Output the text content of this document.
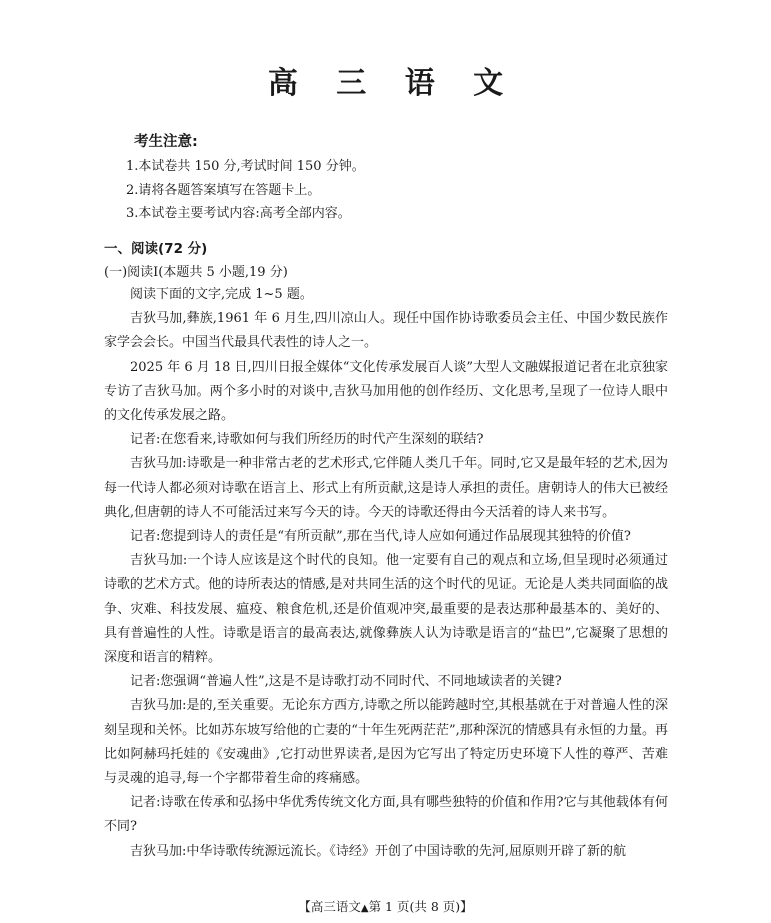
高 三 语 文
考生注意:
1.本试卷共 150 分,考试时间 150 分钟。
2.请将各题答案填写在答题卡上。
3.本试卷主要考试内容:高考全部内容。
一、阅读(72 分)
(一)阅读Ⅰ(本题共 5 小题,19 分)

阅读下面的文字,完成 1~5 题。

吉狄马加,彝族,1961 年 6 月生,四川凉山人。现任中国作协诗歌委员会主任、中国少数民族作家学会会长。中国当代最具代表性的诗人之一。

2025 年 6 月 18 日,四川日报全媒体“文化传承发展百人谈”大型人文融媒报道记者在北京独家专访了吉狄马加。两个多小时的对谈中,吉狄马加用他的创作经历、文化思考,呈现了一位诗人眼中的文化传承发展之路。

记者:在您看来,诗歌如何与我们所经历的时代产生深刻的联结?

吉狄马加:诗歌是一种非常古老的艺术形式,它伴随人类几千年。同时,它又是最年轻的艺术,因为每一代诗人都必须对诗歌在语言上、形式上有所贡献,这是诗人承担的责任。唐朝诗人的伟大已被经典化,但唐朝的诗人不可能活过来写今天的诗。今天的诗歌还得由今天活着的诗人来书写。

记者:您提到诗人的责任是“有所贡献”,那在当代,诗人应如何通过作品展现其独特的价值?

吉狄马加:一个诗人应该是这个时代的良知。他一定要有自己的观点和立场,但呈现时必须通过诗歌的艺术方式。他的诗所表达的情感,是对共同生活的这个时代的见证。无论是人类共同面临的战争、灾难、科技发展、瘟疫、粮食危机,还是价值观冲突,最重要的是表达那种最基本的、美好的、具有普遍性的人性。诗歌是语言的最高表达,就像彝族人认为诗歌是语言的“盐巴”,它凝聚了思想的深度和语言的精粹。

记者:您强调“普遍人性”,这是不是诗歌打动不同时代、不同地域读者的关键?

吉狄马加:是的,至关重要。无论东方西方,诗歌之所以能跨越时空,其根基就在于对普遍人性的深刻呈现和关怀。比如苏东坡写给他的亡妻的“十年生死两茫茫”,那种深沉的情感具有永恒的力量。再比如阿赫玛托娃的《安魂曲》,它打动世界读者,是因为它写出了特定历史环境下人性的尊严、苦难与灵魂的追寻,每一个字都带着生命的疼痛感。

记者:诗歌在传承和弘扬中华优秀传统文化方面,具有哪些独特的价值和作用?它与其他载体有何不同?

吉狄马加:中华诗歌传统源远流长。《诗经》开创了中国诗歌的先河,屈原则开辟了新的航

【高三语文▲第 1 页(共 8 页)】
